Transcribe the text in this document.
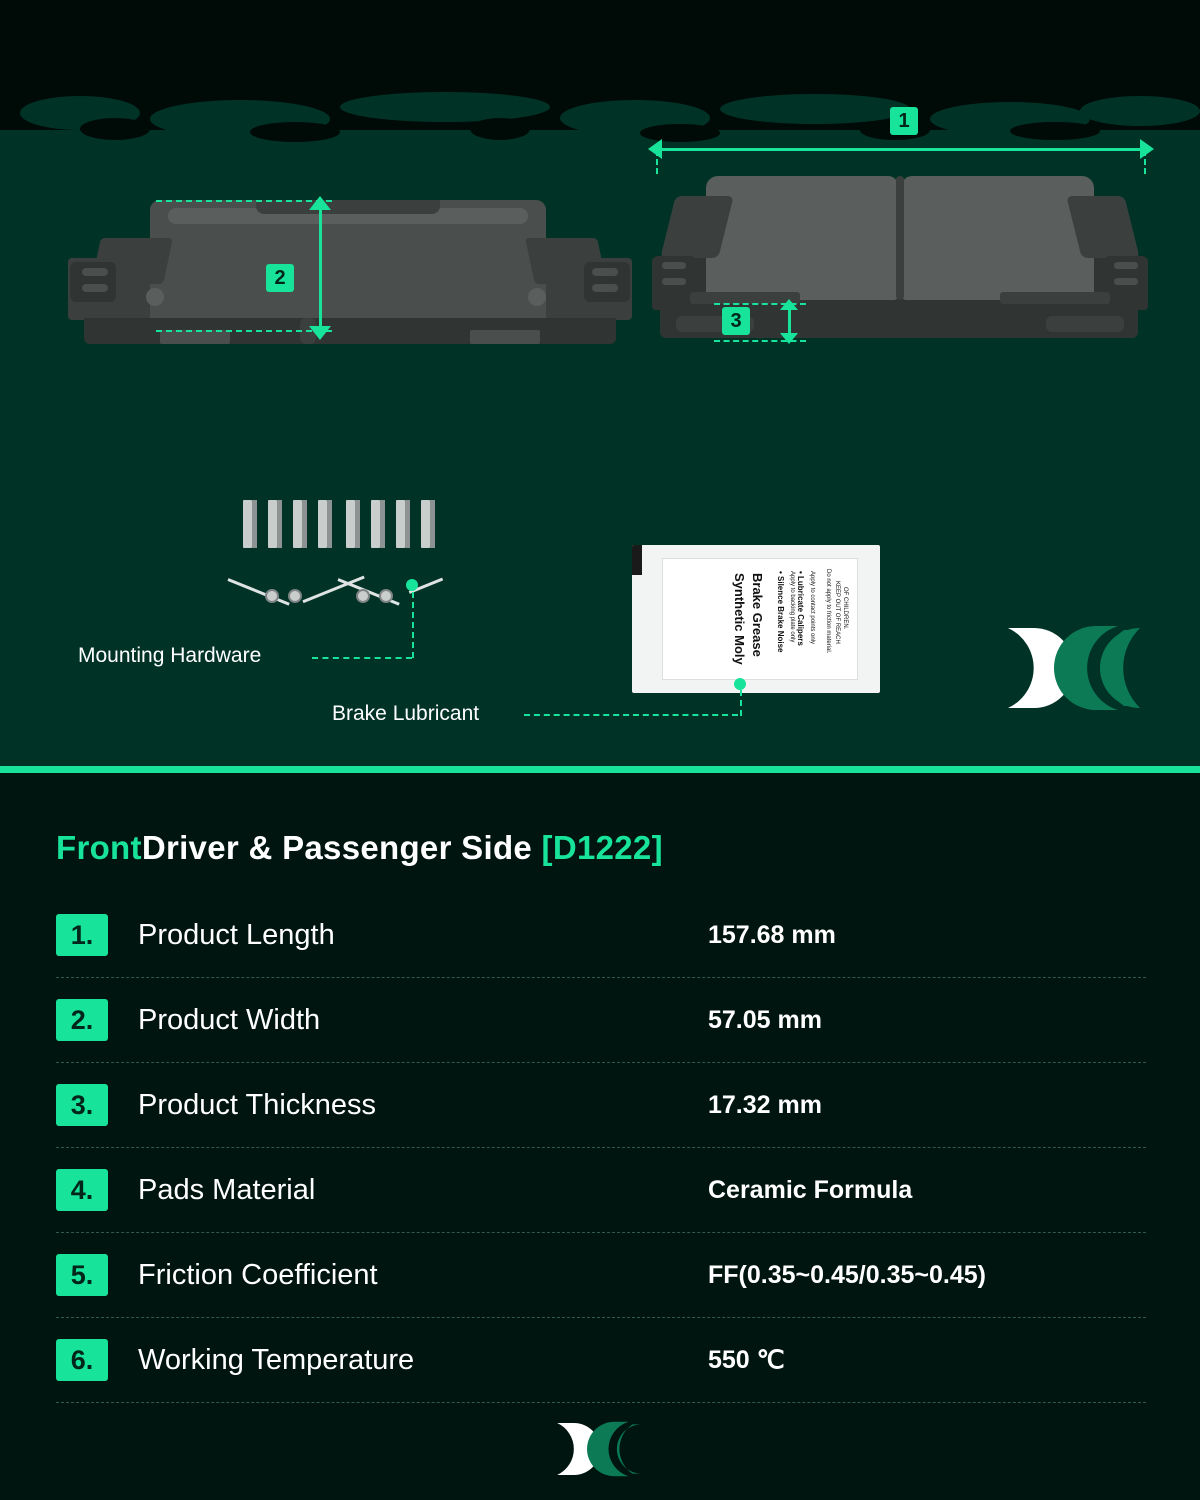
2
1
3
Mounting Hardware	Synthetic Moly Brake Grease • Silence Brake Noise Apply to backing plate only • Lubricate Calipers Apply to contact points only Do not apply to friction material. KEEP OUT OF REACH OF CHILDREN.
Brake Lubricant
FrontDriver & Passenger Side [D1222]
1.	Product Length	157.68 mm
2.	Product Width	57.05 mm
3.	Product Thickness	17.32 mm
4.	Pads Material	Ceramic Formula
5.	Friction Coefficient	FF(0.35~0.45/0.35~0.45)
6.	Working Temperature	550 ℃
